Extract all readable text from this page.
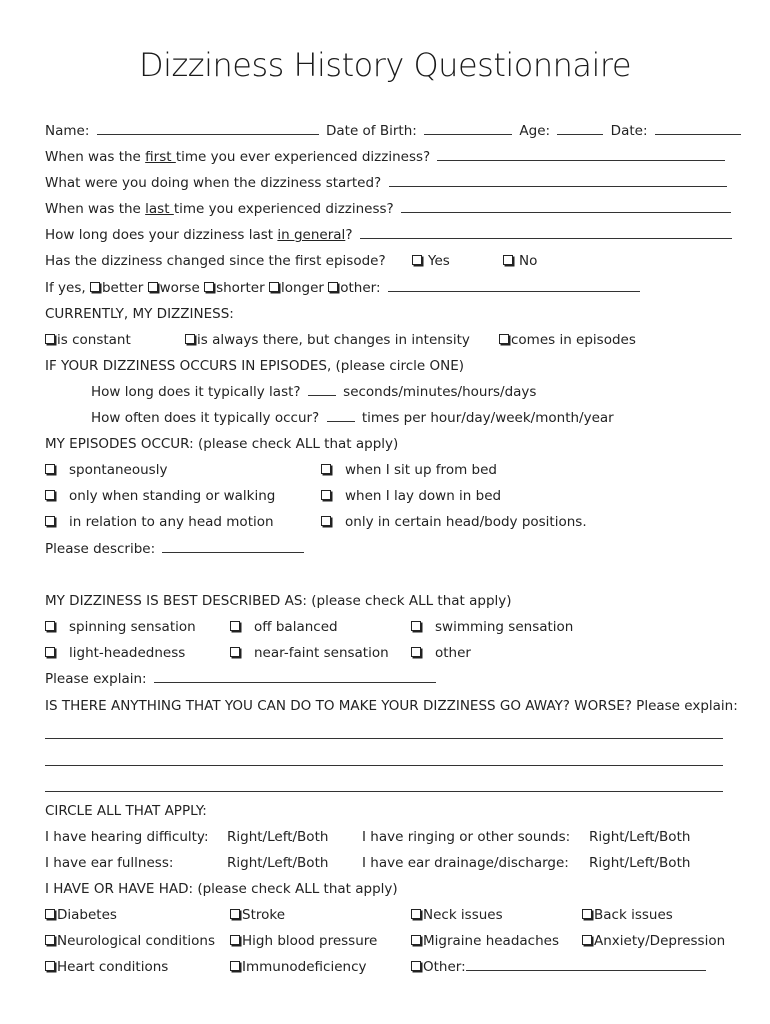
Dizziness History Questionnaire
Name:	Date of Birth:	Age:	Date:
When was the first time you ever experienced dizziness?
What were you doing when the dizziness started?
When was the last time you experienced dizziness?
How long does your dizziness last in general?
Has the dizziness changed since the first episode?	Yes	No
If yes, better worse shorter longer other:
CURRENTLY, MY DIZZINESS:
is constant	is always there, but changes in intensity	comes in episodes
IF YOUR DIZZINESS OCCURS IN EPISODES, (please circle ONE)
How long does it typically last?	seconds/minutes/hours/days
How often does it typically occur?	times per hour/day/week/month/year
MY EPISODES OCCUR: (please check ALL that apply)
spontaneously	when I sit up from bed
only when standing or walking	when I lay down in bed
in relation to any head motion	only in certain head/body positions.
Please describe:
MY DIZZINESS IS BEST DESCRIBED AS: (please check ALL that apply)
spinning sensation	off balanced	swimming sensation
light-headedness	near-faint sensation	other
Please explain:
IS THERE ANYTHING THAT YOU CAN DO TO MAKE YOUR DIZZINESS GO AWAY? WORSE? Please explain:
CIRCLE ALL THAT APPLY:
I have hearing difficulty: Right/Left/Both I have ringing or other sounds: Right/Left/Both
I have ear fullness:	Right/Left/Both I have ear drainage/discharge: Right/Left/Both
I HAVE OR HAVE HAD: (please check ALL that apply)
Diabetes	Stroke	Neck issues	Back issues
Neurological conditions	High blood pressure	Migraine headaches	Anxiety/Depression
Heart conditions	Immunodeficiency	Other:
